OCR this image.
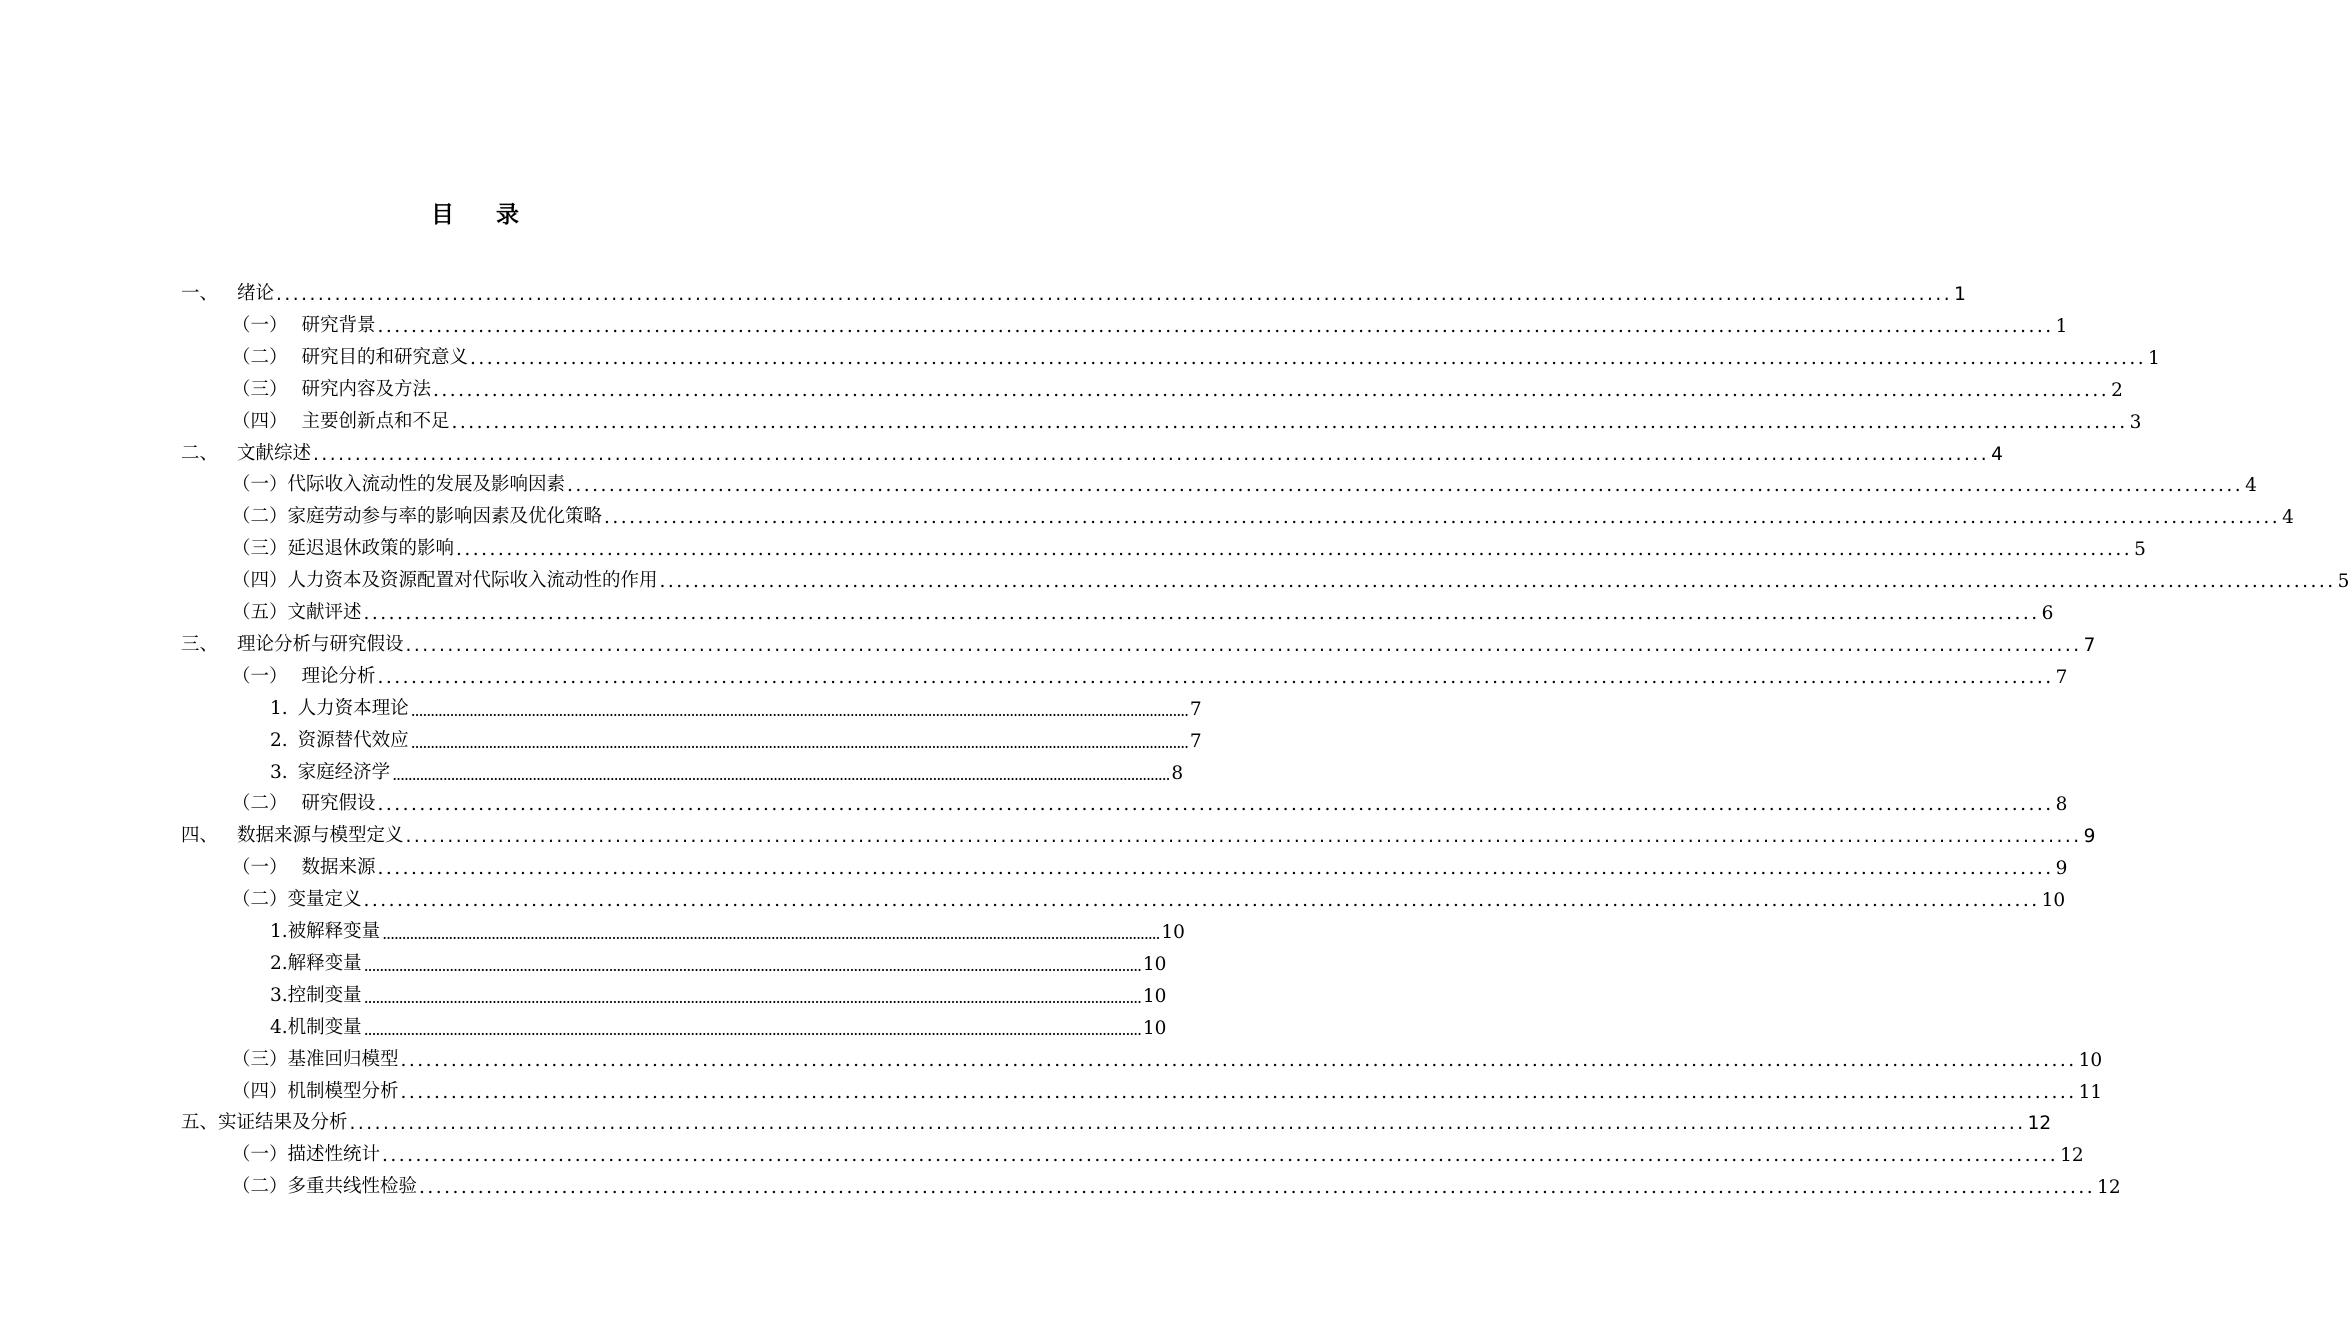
目 录
一、 绪论 ........................................................................................................................................................................................................ 1
（一） 研究背景 ........................................................................................................................................................................................................ 1
（二） 研究目的和研究意义 ........................................................................................................................................................................................................ 1
（三） 研究内容及方法 ........................................................................................................................................................................................................ 2
（四） 主要创新点和不足 ........................................................................................................................................................................................................ 3
二、 文献综述 ........................................................................................................................................................................................................ 4
（一）代际收入流动性的发展及影响因素 ........................................................................................................................................................................................................ 4
（二）家庭劳动参与率的影响因素及优化策略 ........................................................................................................................................................................................................ 4
（三）延迟退休政策的影响 ........................................................................................................................................................................................................ 5
（四）人力资本及资源配置对代际收入流动性的作用 ........................................................................................................................................................................................................ 5
（五）文献评述 ........................................................................................................................................................................................................ 6
三、 理论分析与研究假设 ........................................................................................................................................................................................................ 7
（一） 理论分析 ........................................................................................................................................................................................................ 7
1. 人力资本理论 ........................................................................................................................................................................................................ 7
2. 资源替代效应 ........................................................................................................................................................................................................ 7
3. 家庭经济学 ........................................................................................................................................................................................................ 8
（二） 研究假设 ........................................................................................................................................................................................................ 8
四、 数据来源与模型定义 ........................................................................................................................................................................................................ 9
（一） 数据来源 ........................................................................................................................................................................................................ 9
（二）变量定义 ........................................................................................................................................................................................................ 10
1.被解释变量 ........................................................................................................................................................................................................ 10
2.解释变量 ........................................................................................................................................................................................................ 10
3.控制变量 ........................................................................................................................................................................................................ 10
4.机制变量 ........................................................................................................................................................................................................ 10
（三）基准回归模型 ........................................................................................................................................................................................................ 10
（四）机制模型分析 ........................................................................................................................................................................................................ 11
五、实证结果及分析 ........................................................................................................................................................................................................ 12
（一）描述性统计 ........................................................................................................................................................................................................ 12
（二）多重共线性检验 ........................................................................................................................................................................................................ 12
